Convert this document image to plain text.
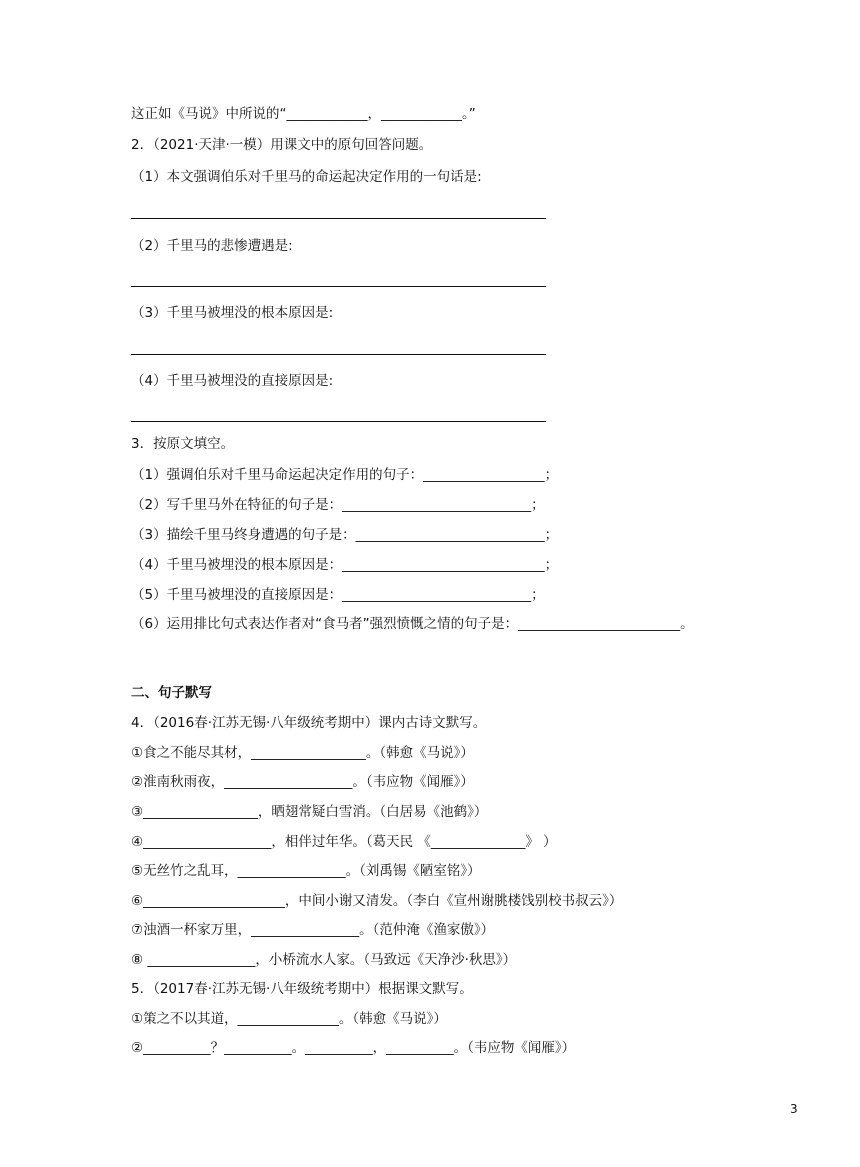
这正如《马说》中所说的“____________，____________。”
2．（2021·天津·一模）用课文中的原句回答问题。
（1）本文强调伯乐对千里马的命运起决定作用的一句话是:
（2）千里马的悲惨遭遇是:
（3）千里马被埋没的根本原因是:
（4）千里马被埋没的直接原因是:
3．按原文填空。
（1）强调伯乐对千里马命运起决定作用的句子：__________________；
（2）写千里马外在特征的句子是：____________________________；
（3）描绘千里马终身遭遇的句子是：____________________________；
（4）千里马被埋没的根本原因是：______________________________；
（5）千里马被埋没的直接原因是：____________________________；
（6）运用排比句式表达作者对“食马者”强烈愤慨之情的句子是：________________________。
二、句子默写
4．（2016春·江苏无锡·八年级统考期中）课内古诗文默写。
①食之不能尽其材，_________________。（韩愈《马说》）
②淮南秋雨夜，___________________。（韦应物《闻雁》）
③_________________，晒翅常疑白雪消。（白居易《池鹤》）
④___________________，相伴过年华。（葛天民 《______________》 ）
⑤无丝竹之乱耳，________________。（刘禹锡《陋室铭》）
⑥_____________________，中间小谢又清发。（李白《宣州谢朓楼饯别校书叔云》）
⑦浊酒一杯家万里，________________。（范仲淹《渔家傲》）
⑧ ________________，小桥流水人家。（马致远《天净沙·秋思》）
5．（2017春·江苏无锡·八年级统考期中）根据课文默写。
①策之不以其道，_______________。（韩愈《马说》）
②__________？__________。__________，__________。（韦应物《闻雁》）
3
